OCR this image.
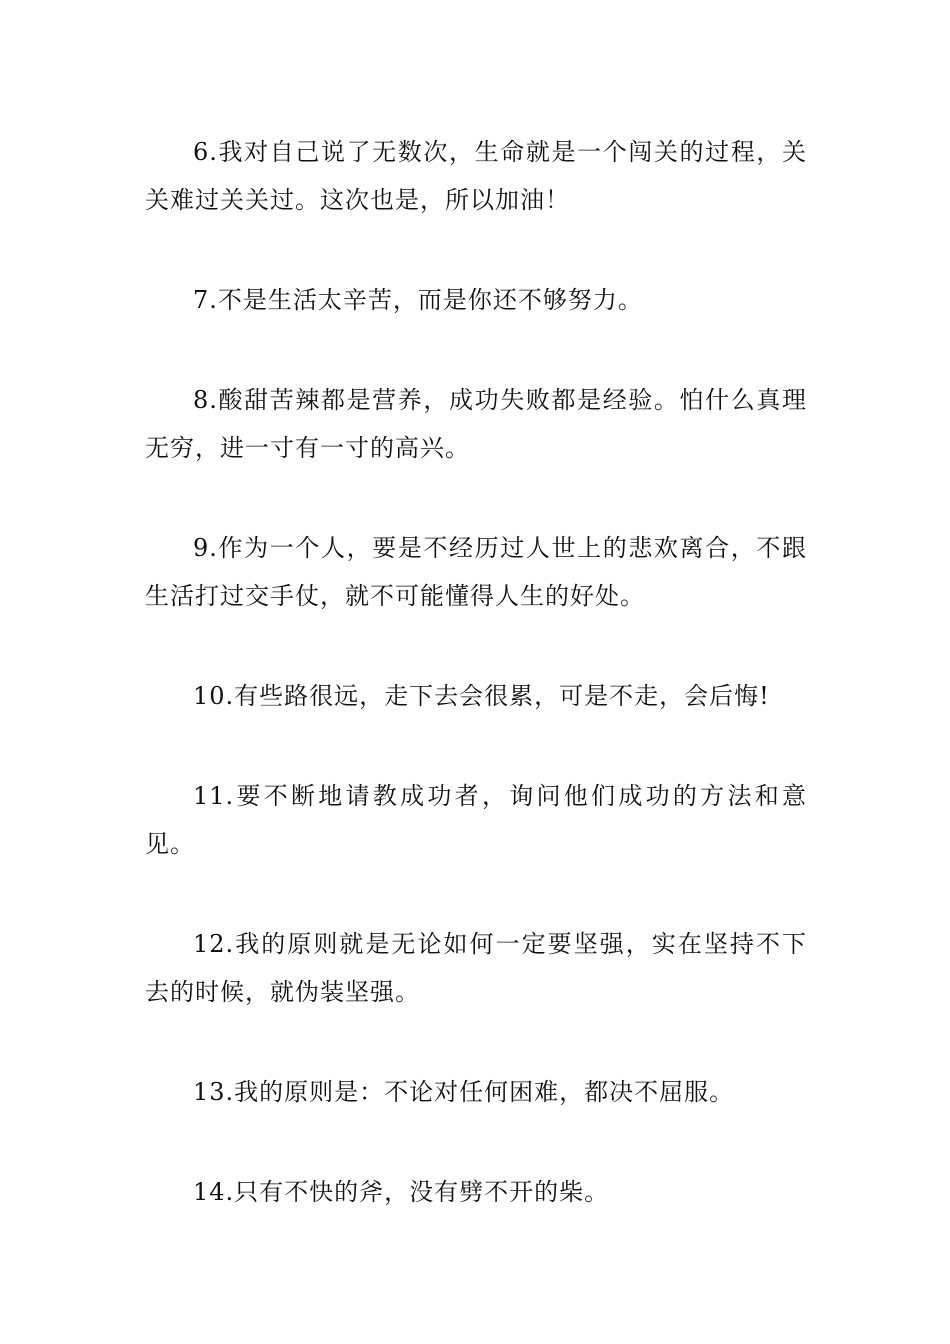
6.我对自己说了无数次，生命就是一个闯关的过程，关关难过关关过。这次也是，所以加油！

7.不是生活太辛苦，而是你还不够努力。

8.酸甜苦辣都是营养，成功失败都是经验。怕什么真理无穷，进一寸有一寸的高兴。

9.作为一个人，要是不经历过人世上的悲欢离合，不跟生活打过交手仗，就不可能懂得人生的好处。

10.有些路很远，走下去会很累，可是不走，会后悔!

11.要不断地请教成功者，询问他们成功的方法和意见。

12.我的原则就是无论如何一定要坚强，实在坚持不下去的时候，就伪装坚强。

13.我的原则是：不论对任何困难，都决不屈服。

14.只有不快的斧，没有劈不开的柴。
